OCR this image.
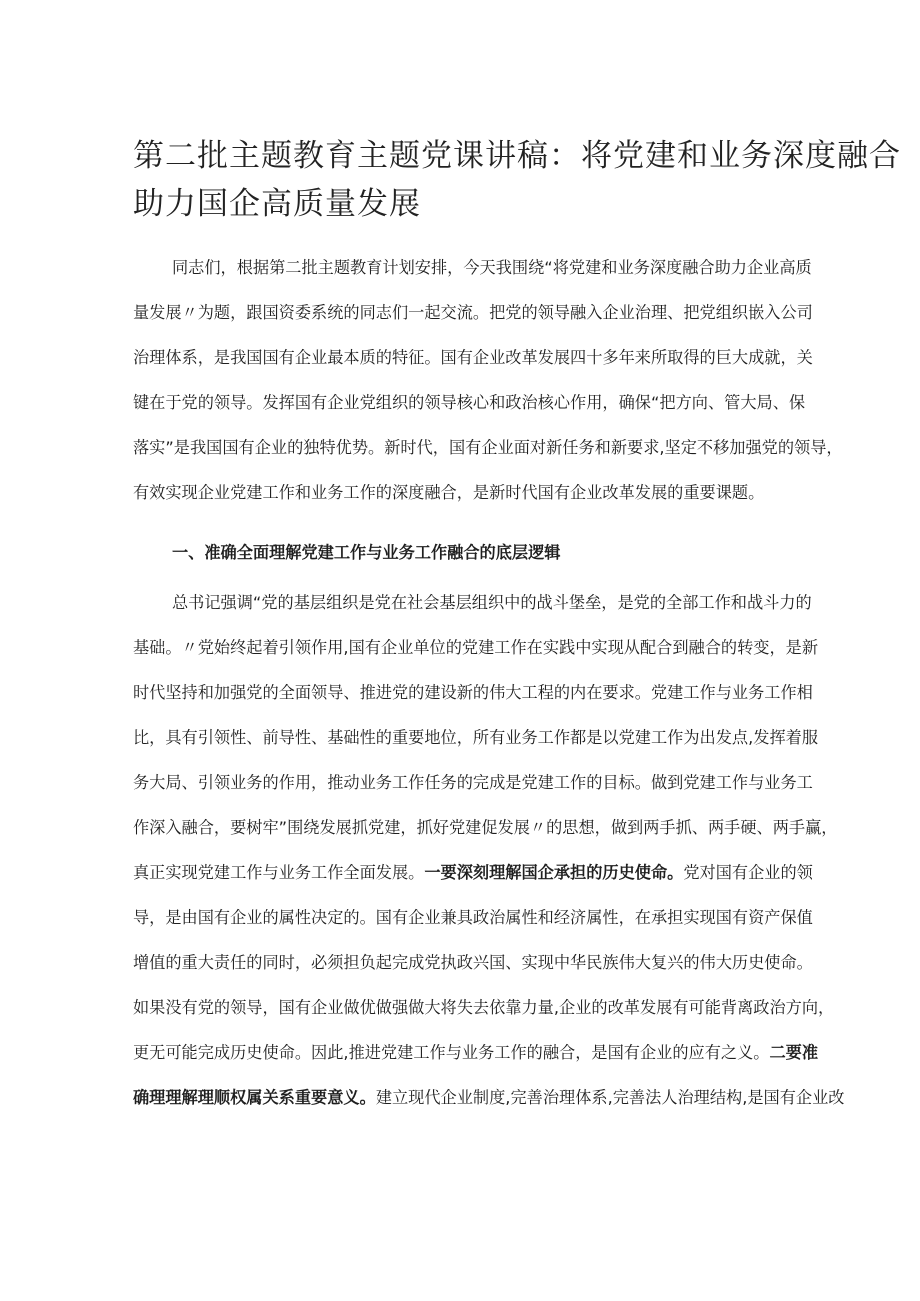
第二批主题教育主题党课讲稿：将党建和业务深度融合
助力国企高质量发展
同志们，根据第二批主题教育计划安排，今天我围绕“将党建和业务深度融合助力企业高质
量发展〃为题，跟国资委系统的同志们一起交流。把党的领导融入企业治理、把党组织嵌入公司
治理体系，是我国国有企业最本质的特征。国有企业改革发展四十多年来所取得的巨大成就，关
键在于党的领导。发挥国有企业党组织的领导核心和政治核心作用，确保“把方向、管大局、保
落实”是我国国有企业的独特优势。新时代，国有企业面对新任务和新要求,坚定不移加强党的领导，
有效实现企业党建工作和业务工作的深度融合，是新时代国有企业改革发展的重要课题。
一、准确全面理解党建工作与业务工作融合的底层逻辑
总书记强调“党的基层组织是党在社会基层组织中的战斗堡垒，是党的全部工作和战斗力的
基础。〃党始终起着引领作用,国有企业单位的党建工作在实践中实现从配合到融合的转变，是新
时代坚持和加强党的全面领导、推进党的建设新的伟大工程的内在要求。党建工作与业务工作相
比，具有引领性、前导性、基础性的重要地位，所有业务工作都是以党建工作为出发点,发挥着服
务大局、引领业务的作用，推动业务工作任务的完成是党建工作的目标。做到党建工作与业务工
作深入融合，要树牢”围绕发展抓党建，抓好党建促发展〃的思想，做到两手抓、两手硬、两手赢，
真正实现党建工作与业务工作全面发展。一要深刻理解国企承担的历史使命。党对国有企业的领
导，是由国有企业的属性决定的。国有企业兼具政治属性和经济属性，在承担实现国有资产保值
增值的重大责任的同时，必须担负起完成党执政兴国、实现中华民族伟大复兴的伟大历史使命。
如果没有党的领导，国有企业做优做强做大将失去依靠力量,企业的改革发展有可能背离政治方向，
更无可能完成历史使命。因此,推进党建工作与业务工作的融合，是国有企业的应有之义。二要准
确理理解理顺权属关系重要意义。建立现代企业制度,完善治理体系,完善法人治理结构,是国有企业改
